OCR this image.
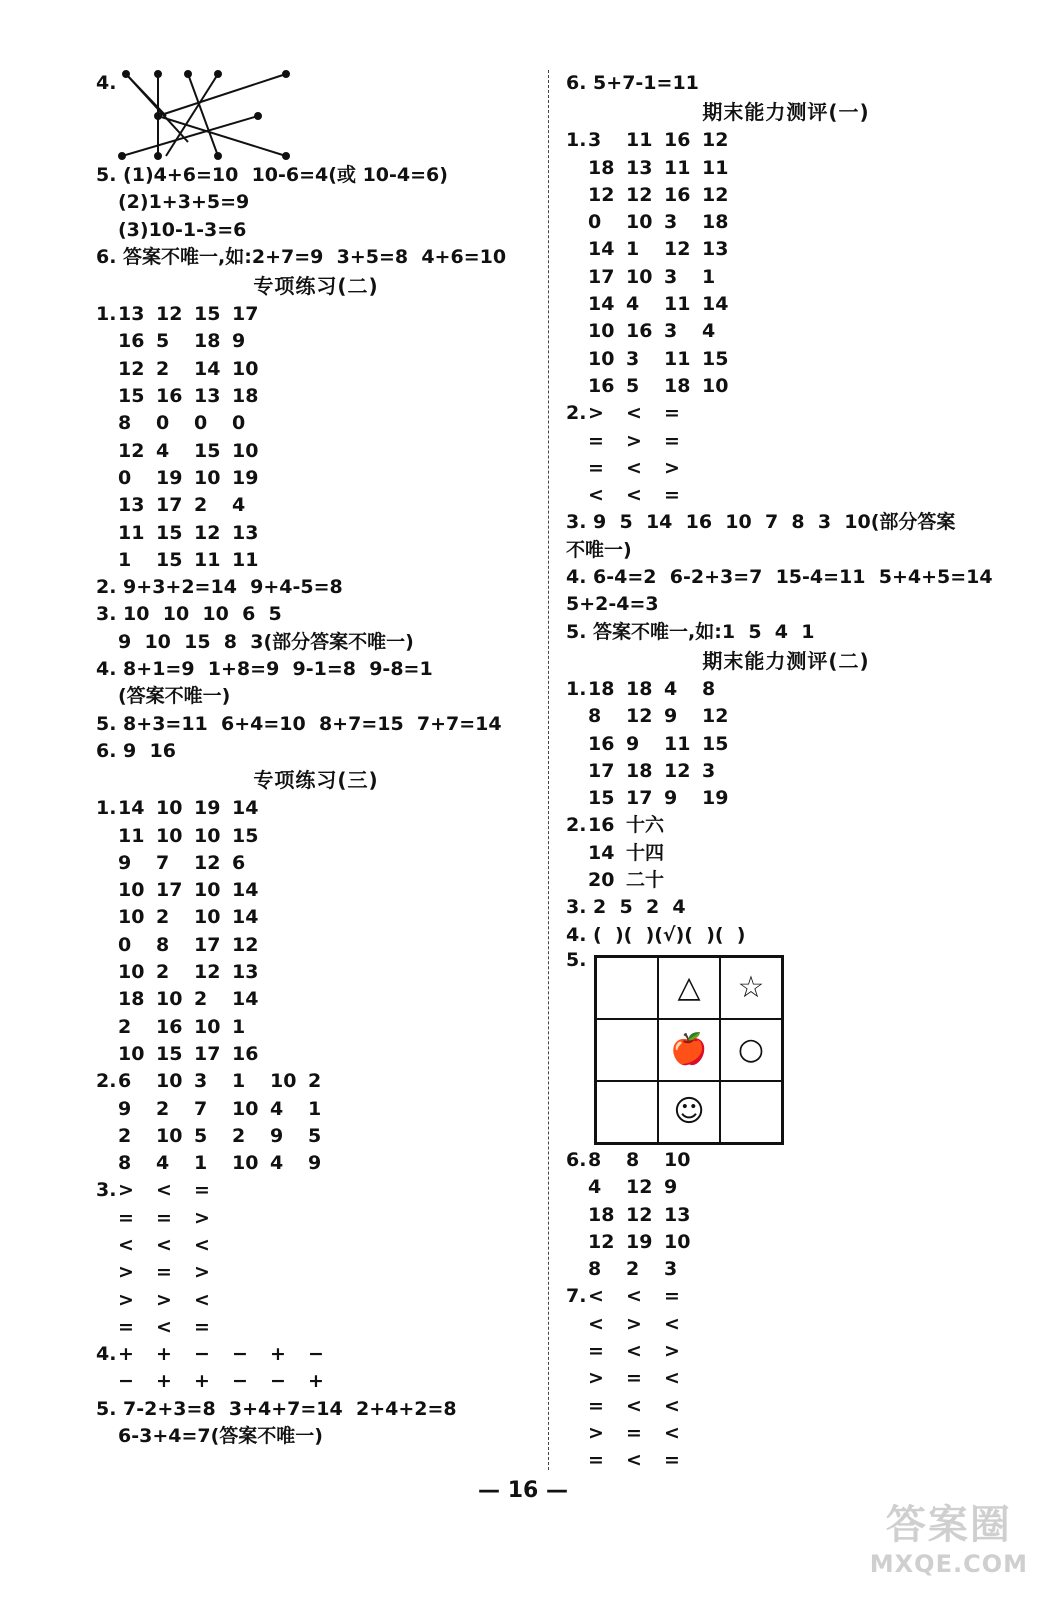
4.
5. (1)4+6=10  10-6=4(或 10-4=6)
(2)1+3+5=9
(3)10-1-3=6
6. 答案不唯一,如:2+7=9  3+5=8  4+6=10
专项练习(二)
1.13 12 15 17
16 5 18 9
12 2 14 10
15 16 13 18
8 0 0 0
12 4 15 10
0 19 10 19
13 17 2 4
11 15 12 13
1 15 11 11
2. 9+3+2=14  9+4-5=8
3. 10  10  10  6  5
9  10  15  8  3(部分答案不唯一)
4. 8+1=9  1+8=9  9-1=8  9-8=1
(答案不唯一)
5. 8+3=11  6+4=10  8+7=15  7+7=14
6. 9  16
专项练习(三)
1.14 10 19 14
11 10 10 15
9 7 12 6
10 17 10 14
10 2 10 14
0 8 17 12
10 2 12 13
18 10 2 14
2 16 10 1
10 15 17 16
2.6 10 3 1 10 2
9 2 7 10 4 1
2 10 5 2 9 5
8 4 1 10 4 9
3.> < =
= = >
< < <
> = >
> > <
= < =
4.+ + − − + −
− + + − − +
5. 7-2+3=8  3+4+7=14  2+4+2=8
6-3+4=7(答案不唯一)
6. 5+7-1=11
期末能力测评(一)
1.3 11 16 12
18 13 11 11
12 12 16 12
0 10 3 18
14 1 12 13
17 10 3 1
14 4 11 14
10 16 3 4
10 3 11 15
16 5 18 10
2.> < =
= > =
= < >
< < =
3. 9  5  14  16  10  7  8  3  10(部分答案
不唯一)
4. 6-4=2  6-2+3=7  15-4=11  5+4+5=14
5+2-4=3
5. 答案不唯一,如:1  5  4  1
期末能力测评(二)
1.18 18 4 8
8 12 9 12
16 9 11 15
17 18 12 3
15 17 9 19
2.16 十六
14 十四
20 二十
3. 2  5  2  4
4. (  )(  )(√)(  )(  )
5.
△	☆
🍎	○
☺
6.8 8 10
4 12 9
18 12 13
12 19 10
8 2 3
7.< < =
< > <
= < >
> = <
= < <
> = <
= < =
— 16 —
答案圈
MXQE.COM
